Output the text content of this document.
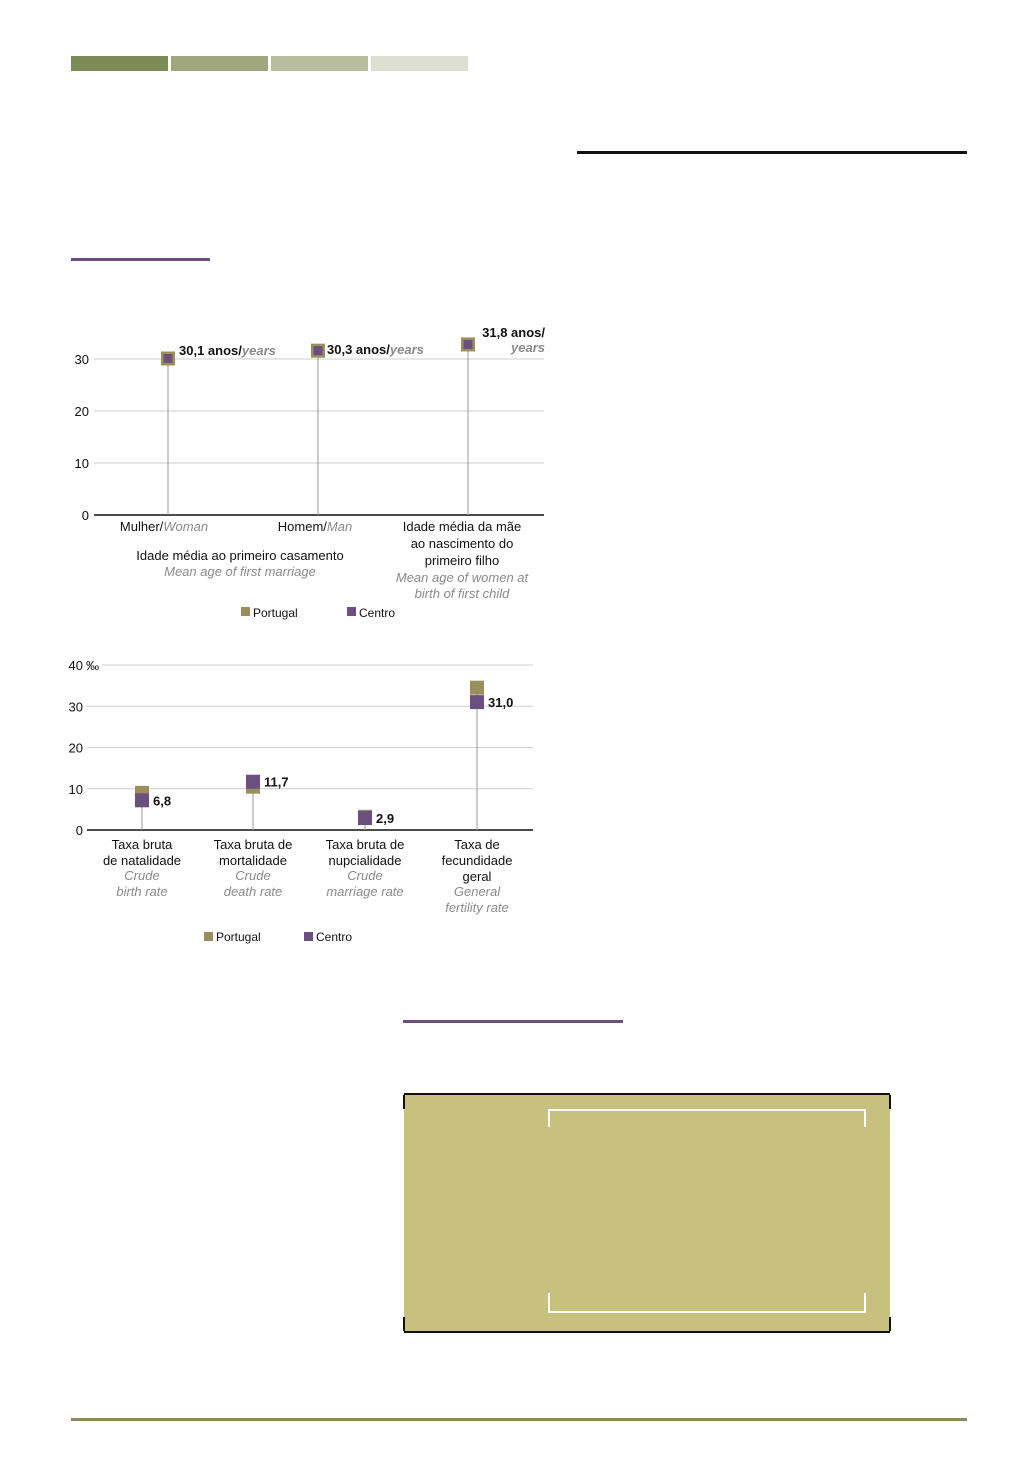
0
10
20
30
30,1 anos/years	30,3 anos/years
31,8 anos/
years
Mulher/Woman	Homem/Man	Idade média da mãe
ao nascimento do
primeiro filho
Mean age of women at
birth of first child
Idade média ao primeiro casamento
Mean age of first marriage
Portugal	Centro
0
10
20
30
40 ‰
6,8
Taxa bruta
de natalidade
Crude
birth rate
11,7
Taxa bruta de
mortalidade
Crude
death rate
2,9
Taxa bruta de
nupcialidade
Crude
marriage rate
31,0
Taxa de
fecundidade
geral
General
fertility rate
Portugal	Centro
